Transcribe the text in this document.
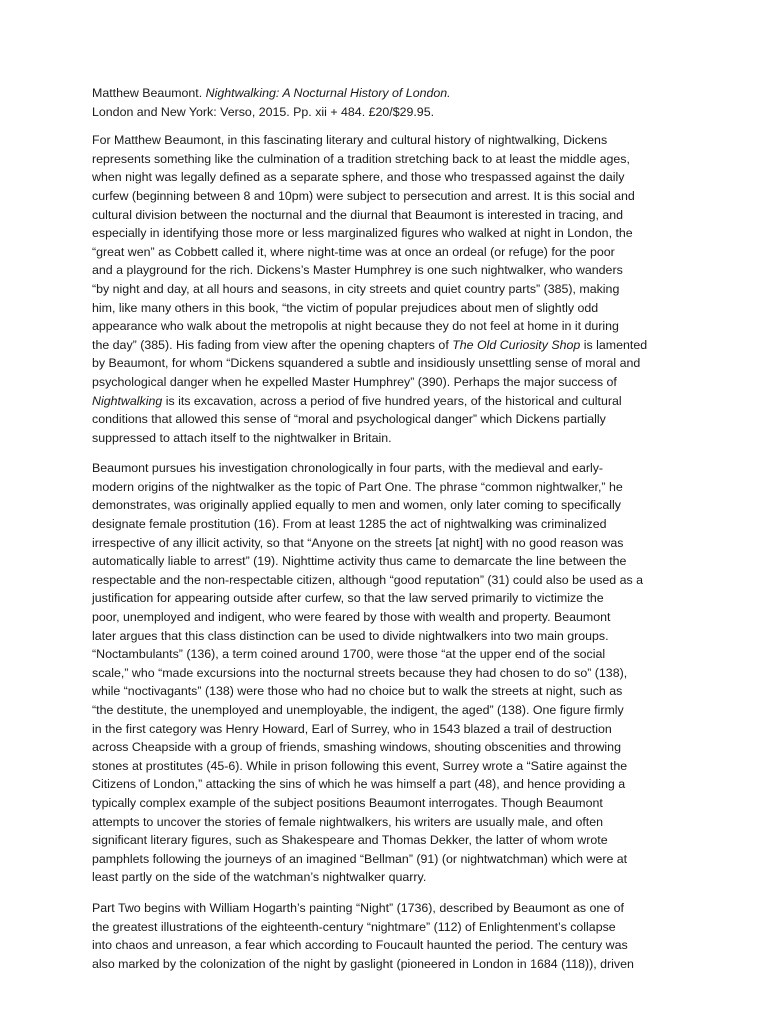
Matthew Beaumont. Nightwalking: A Nocturnal History of London.
London and New York: Verso, 2015. Pp. xii + 484. £20/$29.95.

For Matthew Beaumont, in this fascinating literary and cultural history of nightwalking, Dickens
represents something like the culmination of a tradition stretching back to at least the middle ages,
when night was legally defined as a separate sphere, and those who trespassed against the daily
curfew (beginning between 8 and 10pm) were subject to persecution and arrest. It is this social and
cultural division between the nocturnal and the diurnal that Beaumont is interested in tracing, and
especially in identifying those more or less marginalized figures who walked at night in London, the
“great wen” as Cobbett called it, where night-time was at once an ordeal (or refuge) for the poor
and a playground for the rich. Dickens’s Master Humphrey is one such nightwalker, who wanders
“by night and day, at all hours and seasons, in city streets and quiet country parts” (385), making
him, like many others in this book, “the victim of popular prejudices about men of slightly odd
appearance who walk about the metropolis at night because they do not feel at home in it during
the day” (385). His fading from view after the opening chapters of The Old Curiosity Shop is lamented
by Beaumont, for whom “Dickens squandered a subtle and insidiously unsettling sense of moral and
psychological danger when he expelled Master Humphrey” (390). Perhaps the major success of
Nightwalking is its excavation, across a period of five hundred years, of the historical and cultural
conditions that allowed this sense of “moral and psychological danger” which Dickens partially
suppressed to attach itself to the nightwalker in Britain.

Beaumont pursues his investigation chronologically in four parts, with the medieval and early-
modern origins of the nightwalker as the topic of Part One. The phrase “common nightwalker,” he
demonstrates, was originally applied equally to men and women, only later coming to specifically
designate female prostitution (16). From at least 1285 the act of nightwalking was criminalized
irrespective of any illicit activity, so that “Anyone on the streets [at night] with no good reason was
automatically liable to arrest” (19). Nighttime activity thus came to demarcate the line between the
respectable and the non-respectable citizen, although “good reputation” (31) could also be used as a
justification for appearing outside after curfew, so that the law served primarily to victimize the
poor, unemployed and indigent, who were feared by those with wealth and property. Beaumont
later argues that this class distinction can be used to divide nightwalkers into two main groups.
“Noctambulants” (136), a term coined around 1700, were those “at the upper end of the social
scale,” who “made excursions into the nocturnal streets because they had chosen to do so” (138),
while “noctivagants” (138) were those who had no choice but to walk the streets at night, such as
“the destitute, the unemployed and unemployable, the indigent, the aged” (138). One figure firmly
in the first category was Henry Howard, Earl of Surrey, who in 1543 blazed a trail of destruction
across Cheapside with a group of friends, smashing windows, shouting obscenities and throwing
stones at prostitutes (45-6). While in prison following this event, Surrey wrote a “Satire against the
Citizens of London,” attacking the sins of which he was himself a part (48), and hence providing a
typically complex example of the subject positions Beaumont interrogates. Though Beaumont
attempts to uncover the stories of female nightwalkers, his writers are usually male, and often
significant literary figures, such as Shakespeare and Thomas Dekker, the latter of whom wrote
pamphlets following the journeys of an imagined “Bellman” (91) (or nightwatchman) which were at
least partly on the side of the watchman’s nightwalker quarry.

Part Two begins with William Hogarth’s painting “Night” (1736), described by Beaumont as one of
the greatest illustrations of the eighteenth-century “nightmare” (112) of Enlightenment’s collapse
into chaos and unreason, a fear which according to Foucault haunted the period. The century was
also marked by the colonization of the night by gaslight (pioneered in London in 1684 (118)), driven
